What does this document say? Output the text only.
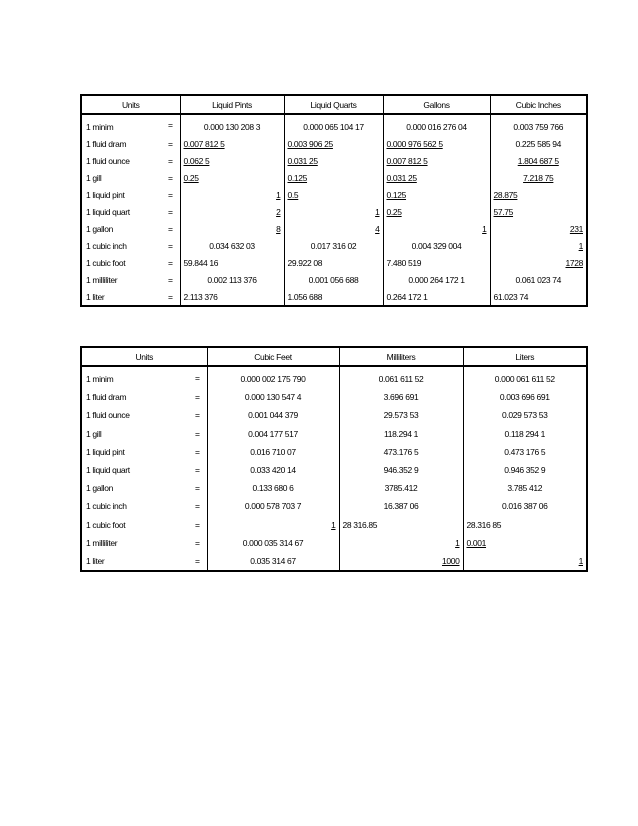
Units		Liquid Pints	Liquid Quarts	Gallons	Cubic Inches
1 minim	=	0.000 130 208 3	0.000 065 104 17	0.000 016 276 04	0.003 759 766
1 fluid dram	=	0.007 812 5	0.003 906 25	0.000 976 562 5	0.225 585 94
1 fluid ounce	=	0.062 5	0.031 25	0.007 812 5	1.804 687 5
1 gill	=	0.25	0.125	0.031 25	7.218 75
1 liquid pint	=	1	0.5	0.125	28.875
1 liquid quart	=	2	1	0.25	57.75
1 gallon	=	8	4	1	231
1 cubic inch	=	0.034 632 03	0.017 316 02	0.004 329 004	1
1 cubic foot	=	59.844 16	29.922 08	7.480 519	1728
1 milliliter	=	0.002 113 376	0.001 056 688	0.000 264 172 1	0.061 023 74
1 liter	=	2.113 376	1.056 688	0.264 172 1	61.023 74
Units		Cubic Feet	Milliliters	Liters
1 minim	=	0.000 002 175 790	0.061 611 52	0.000 061 611 52
1 fluid dram	=	0.000 130 547 4	3.696 691	0.003 696 691
1 fluid ounce	=	0.001 044 379	29.573 53	0.029 573 53
1 gill	=	0.004 177 517	118.294 1	0.118 294 1
1 liquid pint	=	0.016 710 07	473.176 5	0.473 176 5
1 liquid quart	=	0.033 420 14	946.352 9	0.946 352 9
1 gallon	=	0.133 680 6	3785.412	3.785 412
1 cubic inch	=	0.000 578 703 7	16.387 06	0.016 387 06
1 cubic foot	=	1	28 316.85	28.316 85
1 milliliter	=	0.000 035 314 67	1	0.001
1 liter	=	0.035 314 67	1000	1
